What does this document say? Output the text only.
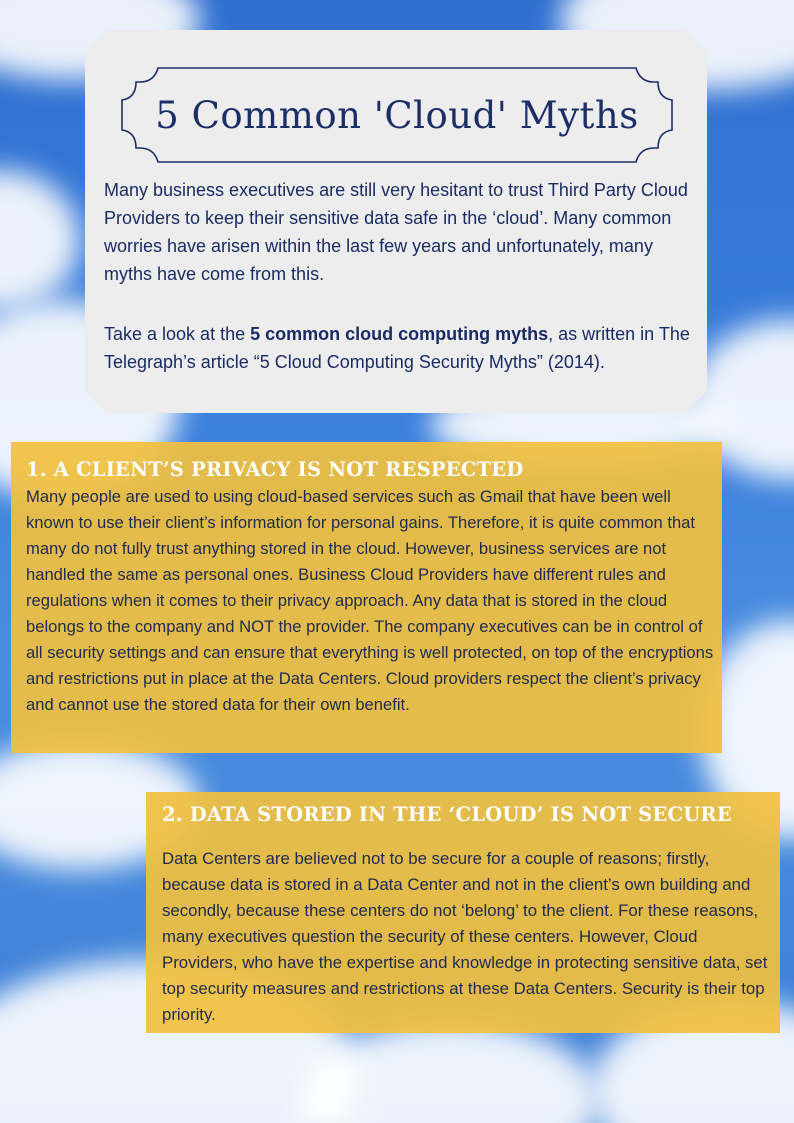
5 Common 'Cloud' Myths

Many business executives are still very hesitant to trust Third Party Cloud Providers to keep their sensitive data safe in the ‘cloud’. Many common worries have arisen within the last few years and unfortunately, many myths have come from this.

Take a look at the 5 common cloud computing myths, as written in The Telegraph’s article “5 Cloud Computing Security Myths” (2014).

1. A CLIENT’S PRIVACY IS NOT RESPECTED

Many people are used to using cloud-based services such as Gmail that have been well known to use their client’s information for personal gains. Therefore, it is quite common that many do not fully trust anything stored in the cloud. However, business services are not handled the same as personal ones. Business Cloud Providers have different rules and regulations when it comes to their privacy approach. Any data that is stored in the cloud belongs to the company and NOT the provider. The company executives can be in control of all security settings and can ensure that everything is well protected, on top of the encryptions and restrictions put in place at the Data Centers. Cloud providers respect the client’s privacy and cannot use the stored data for their own benefit.

2. DATA STORED IN THE ‘CLOUD’ IS NOT SECURE

Data Centers are believed not to be secure for a couple of reasons; firstly, because data is stored in a Data Center and not in the client’s own building and secondly, because these centers do not ‘belong’ to the client. For these reasons, many executives question the security of these centers. However, Cloud Providers, who have the expertise and knowledge in protecting sensitive data, set top security measures and restrictions at these Data Centers. Security is their top priority.
